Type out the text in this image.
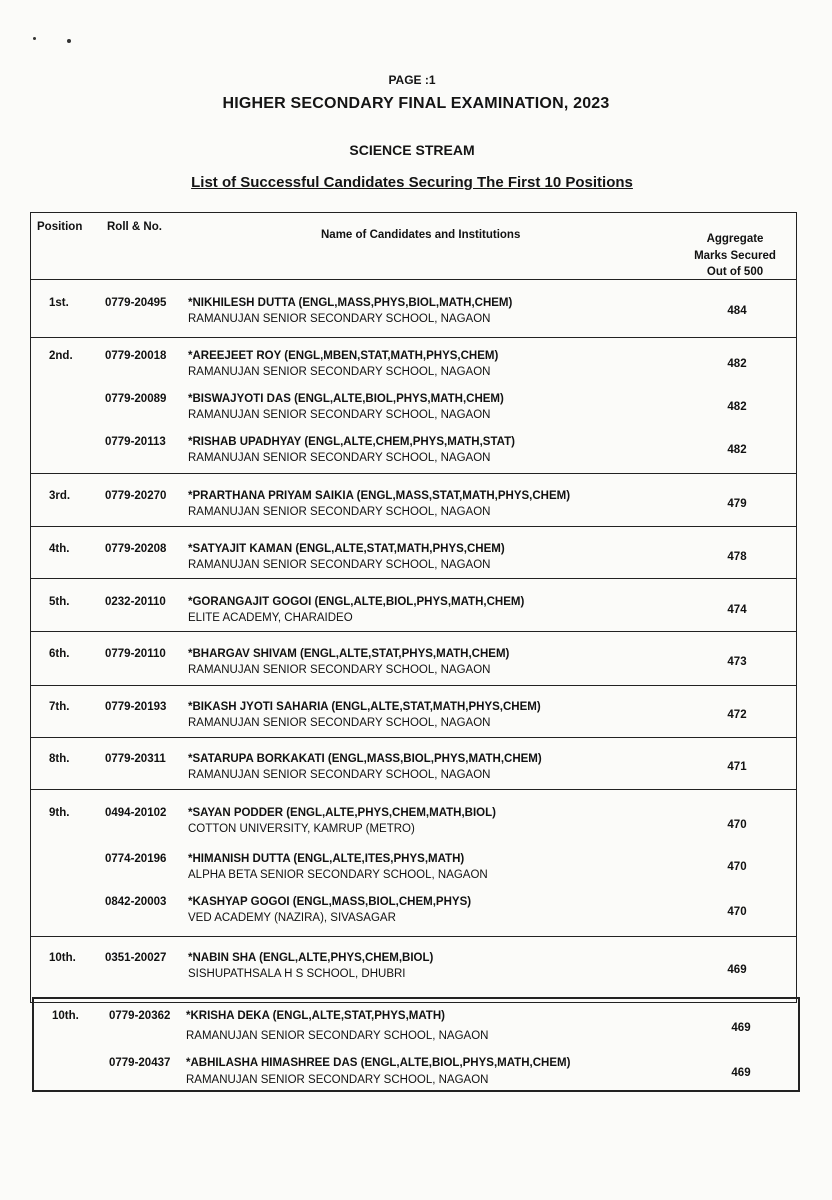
PAGE :1
HIGHER SECONDARY FINAL EXAMINATION, 2023
SCIENCE STREAM
List of Successful Candidates Securing The First 10 Positions
Position Roll & No.
Name of Candidates and Institutions	Aggregate
Marks Secured
Out of 500
1st.	0779-20495 *NIKHILESH DUTTA (ENGL,MASS,PHYS,BIOL,MATH,CHEM)
RAMANUJAN SENIOR SECONDARY SCHOOL, NAGAON
484
2nd.	0779-20018 *AREEJEET ROY (ENGL,MBEN,STAT,MATH,PHYS,CHEM)
RAMANUJAN SENIOR SECONDARY SCHOOL, NAGAON
482
0779-20089 *BISWAJYOTI DAS (ENGL,ALTE,BIOL,PHYS,MATH,CHEM)
RAMANUJAN SENIOR SECONDARY SCHOOL, NAGAON
482
0779-20113 *RISHAB UPADHYAY (ENGL,ALTE,CHEM,PHYS,MATH,STAT)
RAMANUJAN SENIOR SECONDARY SCHOOL, NAGAON
482
3rd.	0779-20270 *PRARTHANA PRIYAM SAIKIA (ENGL,MASS,STAT,MATH,PHYS,CHEM)
RAMANUJAN SENIOR SECONDARY SCHOOL, NAGAON
479
4th.	0779-20208 *SATYAJIT KAMAN (ENGL,ALTE,STAT,MATH,PHYS,CHEM)
RAMANUJAN SENIOR SECONDARY SCHOOL, NAGAON
478
5th.	0232-20110 *GORANGAJIT GOGOI (ENGL,ALTE,BIOL,PHYS,MATH,CHEM)
ELITE ACADEMY, CHARAIDEO
474
6th.	0779-20110 *BHARGAV SHIVAM (ENGL,ALTE,STAT,PHYS,MATH,CHEM)
RAMANUJAN SENIOR SECONDARY SCHOOL, NAGAON
473
7th.	0779-20193 *BIKASH JYOTI SAHARIA (ENGL,ALTE,STAT,MATH,PHYS,CHEM)
RAMANUJAN SENIOR SECONDARY SCHOOL, NAGAON
472
8th.	0779-20311 *SATARUPA BORKAKATI (ENGL,MASS,BIOL,PHYS,MATH,CHEM)
RAMANUJAN SENIOR SECONDARY SCHOOL, NAGAON
471
9th.	0494-20102 *SAYAN PODDER (ENGL,ALTE,PHYS,CHEM,MATH,BIOL)
COTTON UNIVERSITY, KAMRUP (METRO)	470
0774-20196 *HIMANISH DUTTA (ENGL,ALTE,ITES,PHYS,MATH)
ALPHA BETA SENIOR SECONDARY SCHOOL, NAGAON
470
0842-20003 *KASHYAP GOGOI (ENGL,MASS,BIOL,CHEM,PHYS)
VED ACADEMY (NAZIRA), SIVASAGAR	470
10th.	0351-20027 *NABIN SHA (ENGL,ALTE,PHYS,CHEM,BIOL)
SISHUPATHSALA H S SCHOOL, DHUBRI	469
10th.	0779-20362 *KRISHA DEKA (ENGL,ALTE,STAT,PHYS,MATH)
RAMANUJAN SENIOR SECONDARY SCHOOL, NAGAON
469
0779-20437 *ABHILASHA HIMASHREE DAS (ENGL,ALTE,BIOL,PHYS,MATH,CHEM)
RAMANUJAN SENIOR SECONDARY SCHOOL, NAGAON
469
